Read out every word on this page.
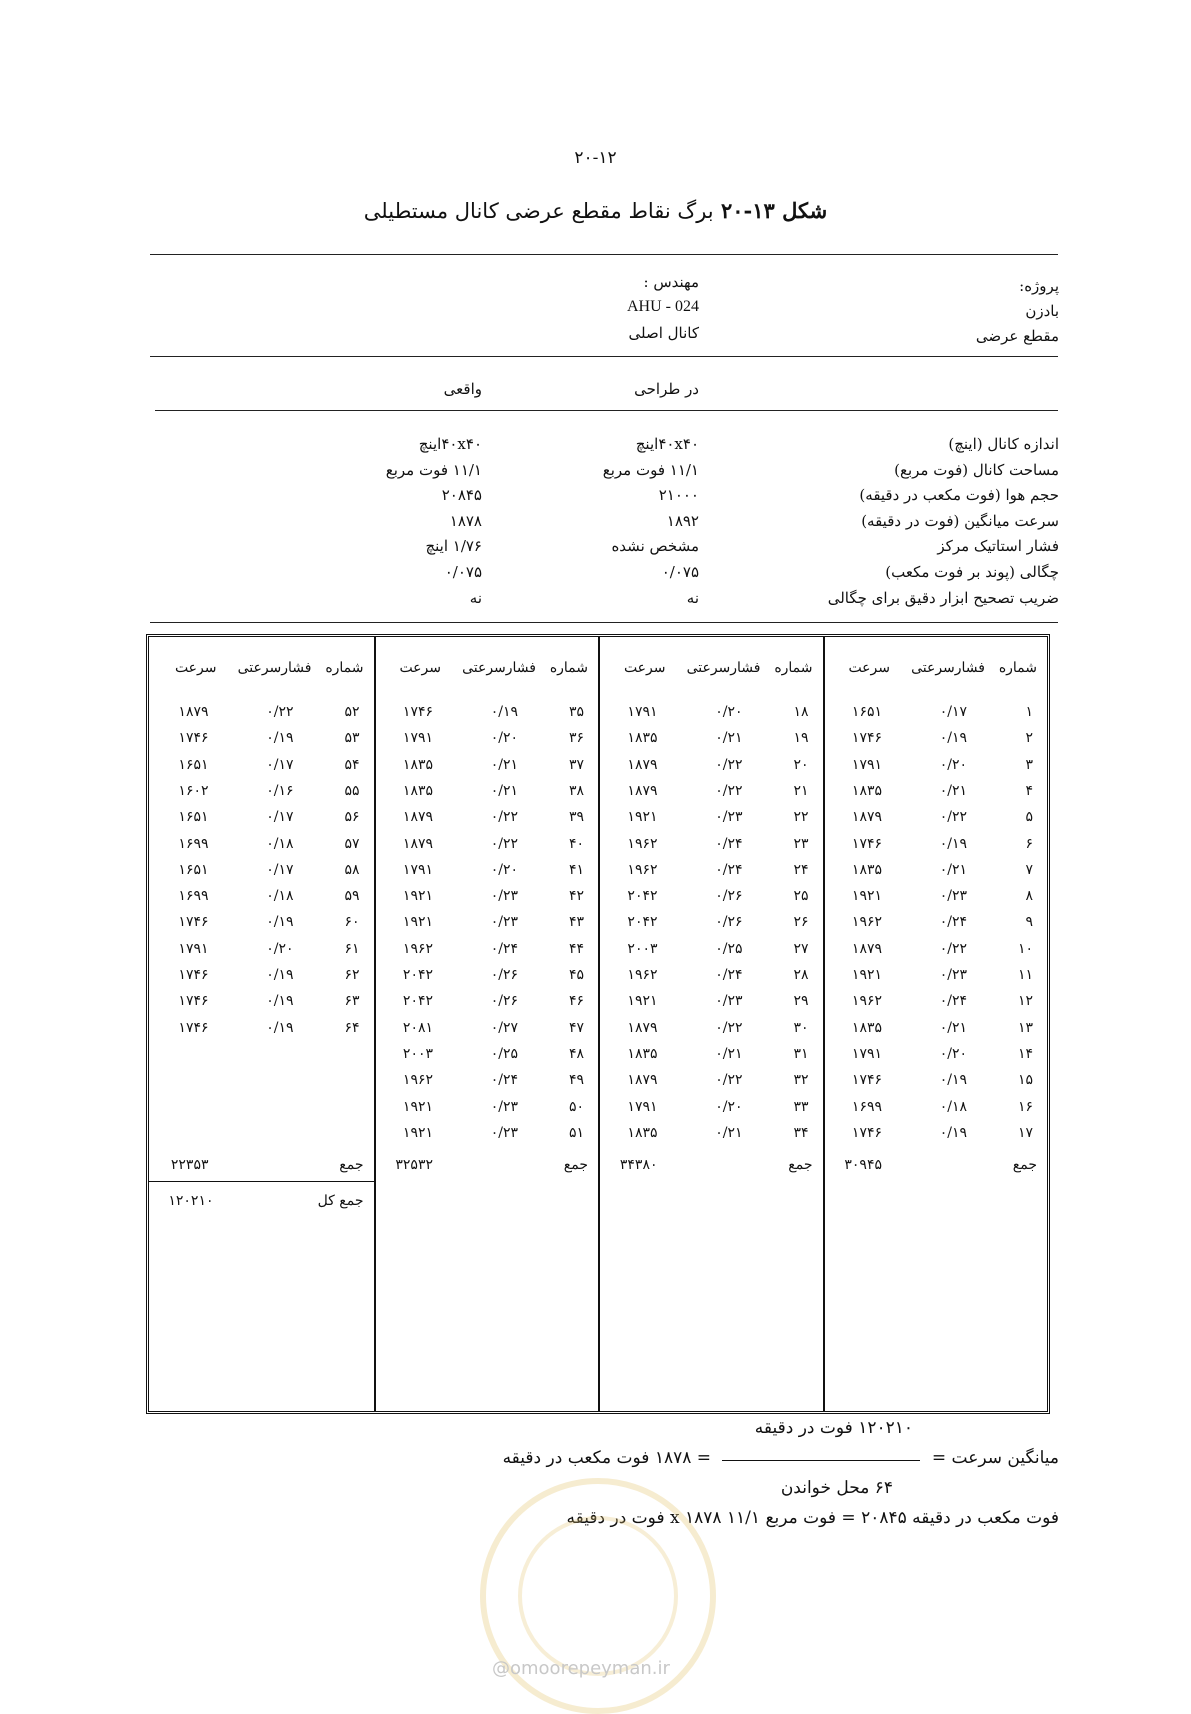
۲۰-۱۲
شکل ۱۳-۲۰ برگ نقاط مقطع عرضی کانال مستطیلی
پروژه:
بادزن
مقطع عرضی
مهندس :
AHU - 024
کانال اصلی
در طراحی
واقعی
اندازه کانال (اینچ)
۴۰x۴۰اینچ
۴۰x۴۰اینچ
مساحت کانال (فوت مربع)
۱۱/۱ فوت مربع
۱۱/۱ فوت مربع
حجم هوا (فوت مکعب در دقیقه)
۲۱۰۰۰
۲۰۸۴۵
سرعت میانگین (فوت در دقیقه)
۱۸۹۲
۱۸۷۸
فشار استاتیک مرکز
مشخص نشده
۱/۷۶ اینچ
چگالی (پوند بر فوت مکعب)
۰/۰۷۵
۰/۰۷۵
ضریب تصحیح ابزار دقیق برای چگالی
نه
نه
شماره
فشارسرعتی
سرعت
۱
۰/۱۷
۱۶۵۱
۲
۰/۱۹
۱۷۴۶
۳
۰/۲۰
۱۷۹۱
۴
۰/۲۱
۱۸۳۵
۵
۰/۲۲
۱۸۷۹
۶
۰/۱۹
۱۷۴۶
۷
۰/۲۱
۱۸۳۵
۸
۰/۲۳
۱۹۲۱
۹
۰/۲۴
۱۹۶۲
۱۰
۰/۲۲
۱۸۷۹
۱۱
۰/۲۳
۱۹۲۱
۱۲
۰/۲۴
۱۹۶۲
۱۳
۰/۲۱
۱۸۳۵
۱۴
۰/۲۰
۱۷۹۱
۱۵
۰/۱۹
۱۷۴۶
۱۶
۰/۱۸
۱۶۹۹
۱۷
۰/۱۹
۱۷۴۶
جمع
۳۰۹۴۵
شماره
فشارسرعتی
سرعت
۱۸
۰/۲۰
۱۷۹۱
۱۹
۰/۲۱
۱۸۳۵
۲۰
۰/۲۲
۱۸۷۹
۲۱
۰/۲۲
۱۸۷۹
۲۲
۰/۲۳
۱۹۲۱
۲۳
۰/۲۴
۱۹۶۲
۲۴
۰/۲۴
۱۹۶۲
۲۵
۰/۲۶
۲۰۴۲
۲۶
۰/۲۶
۲۰۴۲
۲۷
۰/۲۵
۲۰۰۳
۲۸
۰/۲۴
۱۹۶۲
۲۹
۰/۲۳
۱۹۲۱
۳۰
۰/۲۲
۱۸۷۹
۳۱
۰/۲۱
۱۸۳۵
۳۲
۰/۲۲
۱۸۷۹
۳۳
۰/۲۰
۱۷۹۱
۳۴
۰/۲۱
۱۸۳۵
جمع
۳۴۳۸۰
شماره
فشارسرعتی
سرعت
۳۵
۰/۱۹
۱۷۴۶
۳۶
۰/۲۰
۱۷۹۱
۳۷
۰/۲۱
۱۸۳۵
۳۸
۰/۲۱
۱۸۳۵
۳۹
۰/۲۲
۱۸۷۹
۴۰
۰/۲۲
۱۸۷۹
۴۱
۰/۲۰
۱۷۹۱
۴۲
۰/۲۳
۱۹۲۱
۴۳
۰/۲۳
۱۹۲۱
۴۴
۰/۲۴
۱۹۶۲
۴۵
۰/۲۶
۲۰۴۲
۴۶
۰/۲۶
۲۰۴۲
۴۷
۰/۲۷
۲۰۸۱
۴۸
۰/۲۵
۲۰۰۳
۴۹
۰/۲۴
۱۹۶۲
۵۰
۰/۲۳
۱۹۲۱
۵۱
۰/۲۳
۱۹۲۱
جمع
۳۲۵۳۲
شماره
فشارسرعتی
سرعت
۵۲
۰/۲۲
۱۸۷۹
۵۳
۰/۱۹
۱۷۴۶
۵۴
۰/۱۷
۱۶۵۱
۵۵
۰/۱۶
۱۶۰۲
۵۶
۰/۱۷
۱۶۵۱
۵۷
۰/۱۸
۱۶۹۹
۵۸
۰/۱۷
۱۶۵۱
۵۹
۰/۱۸
۱۶۹۹
۶۰
۰/۱۹
۱۷۴۶
۶۱
۰/۲۰
۱۷۹۱
۶۲
۰/۱۹
۱۷۴۶
۶۳
۰/۱۹
۱۷۴۶
۶۴
۰/۱۹
۱۷۴۶
جمع
۲۲۳۵۳
جمع کل
۱۲۰۲۱۰
۱۲۰۲۱۰ فوت در دقیقه
میانگین سرعت =
= ۱۸۷۸ فوت مکعب در دقیقه
۶۴ محل خواندن
فوت مکعب در دقیقه ۲۰۸۴۵ = فوت مربع ۱۱/۱ x ۱۸۷۸ فوت در دقیقه
@omoorepeyman.ir
